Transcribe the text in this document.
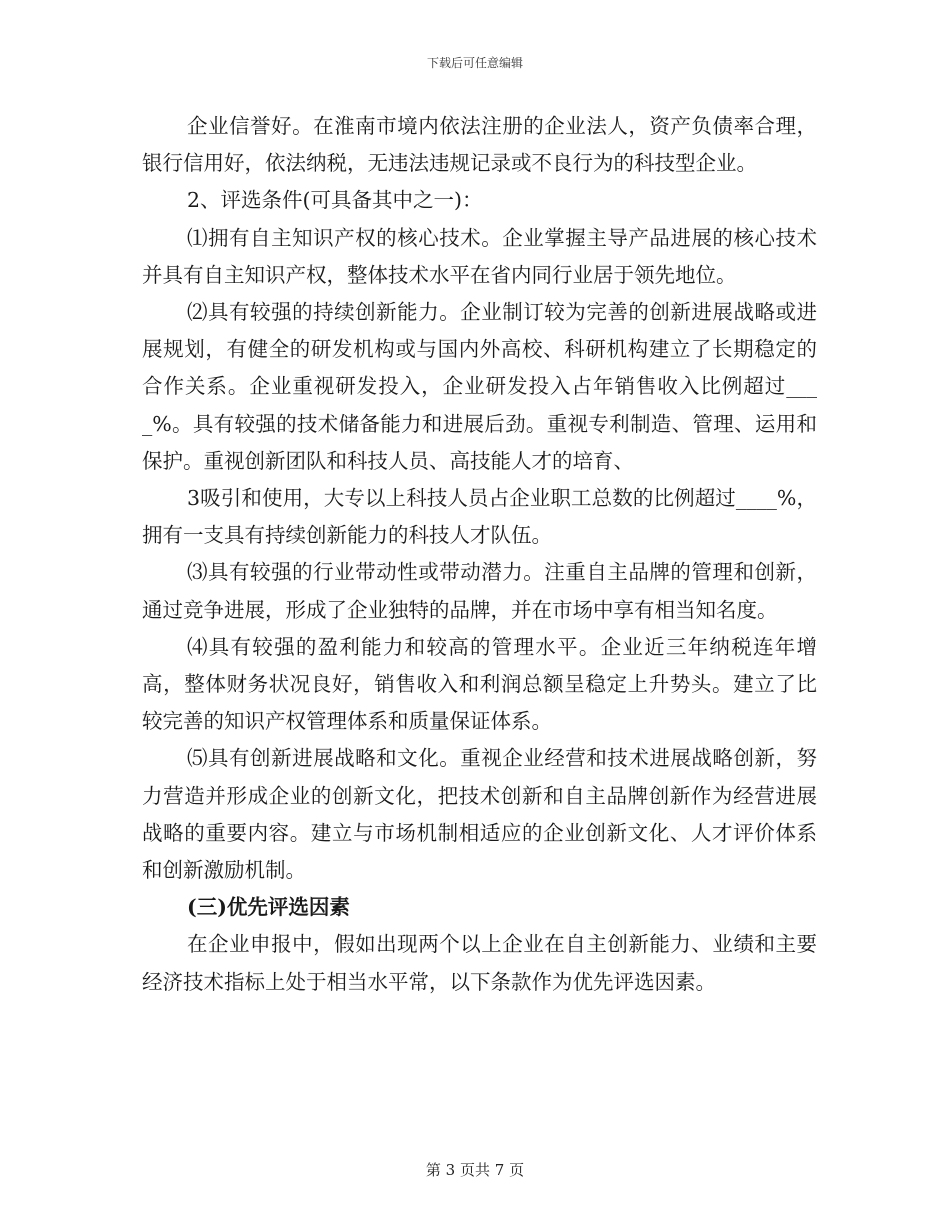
下载后可任意编辑

企业信誉好。在淮南市境内依法注册的企业法人，资产负债率合理，银行信用好，依法纳税，无违法违规记录或不良行为的科技型企业。

2、评选条件(可具备其中之一)：

⑴拥有自主知识产权的核心技术。企业掌握主导产品进展的核心技术并具有自主知识产权，整体技术水平在省内同行业居于领先地位。

⑵具有较强的持续创新能力。企业制订较为完善的创新进展战略或进展规划，有健全的研发机构或与国内外高校、科研机构建立了长期稳定的合作关系。企业重视研发投入，企业研发投入占年销售收入比例超过____%。具有较强的技术储备能力和进展后劲。重视专利制造、管理、运用和保护。重视创新团队和科技人员、高技能人才的培育、

3吸引和使用，大专以上科技人员占企业职工总数的比例超过____%，拥有一支具有持续创新能力的科技人才队伍。

⑶具有较强的行业带动性或带动潜力。注重自主品牌的管理和创新，通过竞争进展，形成了企业独特的品牌，并在市场中享有相当知名度。

⑷具有较强的盈利能力和较高的管理水平。企业近三年纳税连年增高，整体财务状况良好，销售收入和利润总额呈稳定上升势头。建立了比较完善的知识产权管理体系和质量保证体系。

⑸具有创新进展战略和文化。重视企业经营和技术进展战略创新，努力营造并形成企业的创新文化，把技术创新和自主品牌创新作为经营进展战略的重要内容。建立与市场机制相适应的企业创新文化、人才评价体系和创新激励机制。

(三)优先评选因素

在企业申报中，假如出现两个以上企业在自主创新能力、业绩和主要经济技术指标上处于相当水平常，以下条款作为优先评选因素。

第 3 页共 7 页
